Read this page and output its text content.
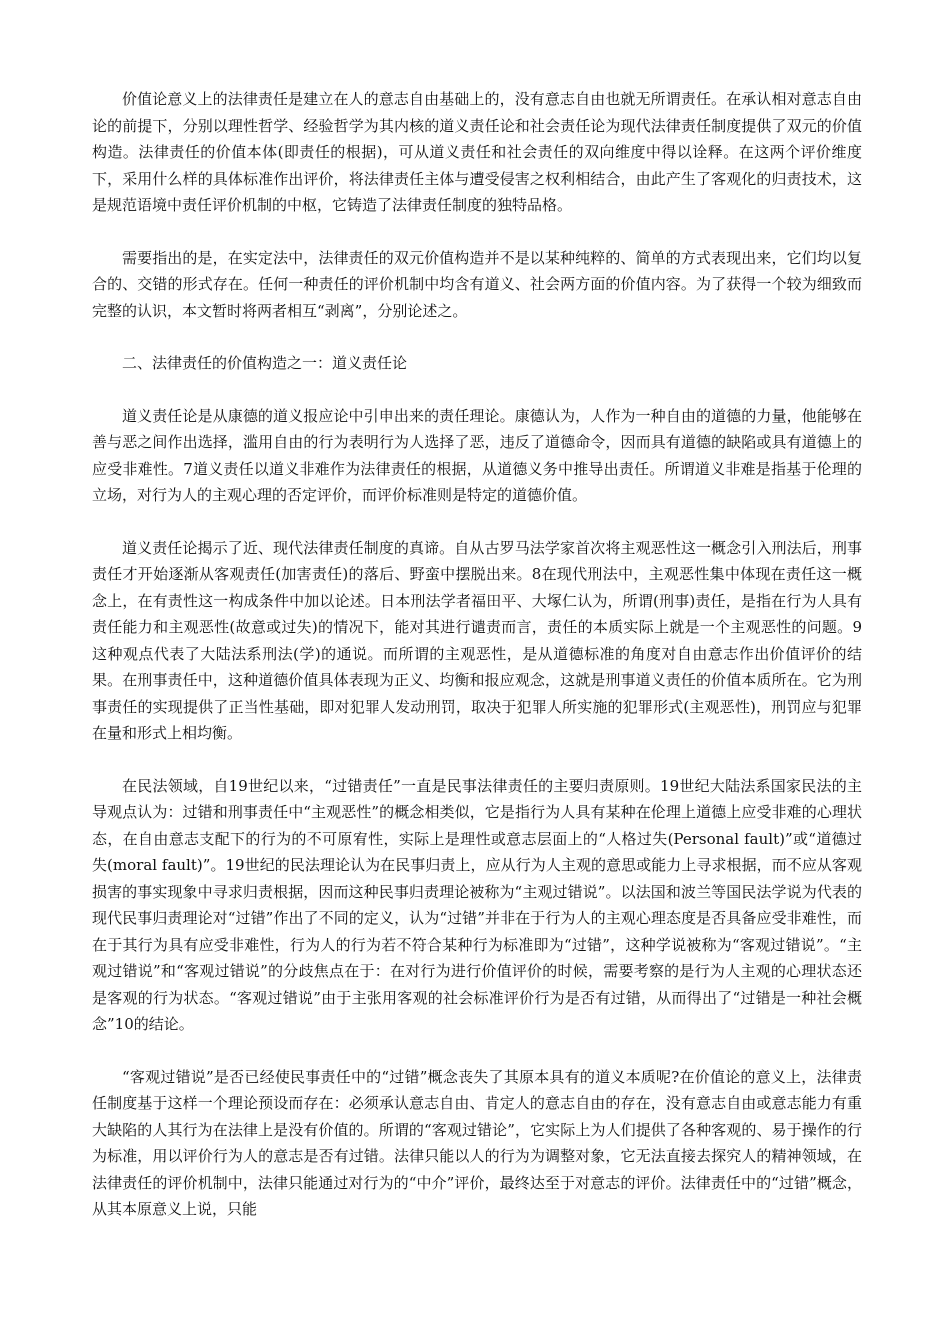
价值论意义上的法律责任是建立在人的意志自由基础上的，没有意志自由也就无所谓责任。在承认相对意志自由论的前提下，分别以理性哲学、经验哲学为其内核的道义责任论和社会责任论为现代法律责任制度提供了双元的价值构造。法律责任的价值本体(即责任的根据)，可从道义责任和社会责任的双向维度中得以诠释。在这两个评价维度下，采用什么样的具体标准作出评价，将法律责任主体与遭受侵害之权利相结合，由此产生了客观化的归责技术，这是规范语境中责任评价机制的中枢，它铸造了法律责任制度的独特品格。

需要指出的是，在实定法中，法律责任的双元价值构造并不是以某种纯粹的、简单的方式表现出来，它们均以复合的、交错的形式存在。任何一种责任的评价机制中均含有道义、社会两方面的价值内容。为了获得一个较为细致而完整的认识，本文暂时将两者相互“剥离”，分别论述之。

二、法律责任的价值构造之一：道义责任论

道义责任论是从康德的道义报应论中引申出来的责任理论。康德认为，人作为一种自由的道德的力量，他能够在善与恶之间作出选择，滥用自由的行为表明行为人选择了恶，违反了道德命令，因而具有道德的缺陷或具有道德上的应受非难性。7道义责任以道义非难作为法律责任的根据，从道德义务中推导出责任。所谓道义非难是指基于伦理的立场，对行为人的主观心理的否定评价，而评价标准则是特定的道德价值。

道义责任论揭示了近、现代法律责任制度的真谛。自从古罗马法学家首次将主观恶性这一概念引入刑法后，刑事责任才开始逐渐从客观责任(加害责任)的落后、野蛮中摆脱出来。8在现代刑法中，主观恶性集中体现在责任这一概念上，在有责性这一构成条件中加以论述。日本刑法学者福田平、大塚仁认为，所谓(刑事)责任，是指在行为人具有责任能力和主观恶性(故意或过失)的情况下，能对其进行谴责而言，责任的本质实际上就是一个主观恶性的问题。9这种观点代表了大陆法系刑法(学)的通说。而所谓的主观恶性，是从道德标准的角度对自由意志作出价值评价的结果。在刑事责任中，这种道德价值具体表现为正义、均衡和报应观念，这就是刑事道义责任的价值本质所在。它为刑事责任的实现提供了正当性基础，即对犯罪人发动刑罚，取决于犯罪人所实施的犯罪形式(主观恶性)，刑罚应与犯罪在量和形式上相均衡。

在民法领域，自19世纪以来，“过错责任”一直是民事法律责任的主要归责原则。19世纪大陆法系国家民法的主导观点认为：过错和刑事责任中“主观恶性”的概念相类似，它是指行为人具有某种在伦理上道德上应受非难的心理状态，在自由意志支配下的行为的不可原宥性，实际上是理性或意志层面上的“人格过失(Personal fault)”或“道德过失(moral fault)”。19世纪的民法理论认为在民事归责上，应从行为人主观的意思或能力上寻求根据，而不应从客观损害的事实现象中寻求归责根据，因而这种民事归责理论被称为“主观过错说”。以法国和波兰等国民法学说为代表的现代民事归责理论对“过错”作出了不同的定义，认为“过错”并非在于行为人的主观心理态度是否具备应受非难性，而在于其行为具有应受非难性，行为人的行为若不符合某种行为标准即为“过错”，这种学说被称为“客观过错说”。“主观过错说”和“客观过错说”的分歧焦点在于：在对行为进行价值评价的时候，需要考察的是行为人主观的心理状态还是客观的行为状态。“客观过错说”由于主张用客观的社会标准评价行为是否有过错，从而得出了“过错是一种社会概念”10的结论。

“客观过错说”是否已经使民事责任中的“过错”概念丧失了其原本具有的道义本质呢?在价值论的意义上，法律责任制度基于这样一个理论预设而存在：必须承认意志自由、肯定人的意志自由的存在，没有意志自由或意志能力有重大缺陷的人其行为在法律上是没有价值的。所谓的“客观过错论”，它实际上为人们提供了各种客观的、易于操作的行为标准，用以评价行为人的意志是否有过错。法律只能以人的行为为调整对象，它无法直接去探究人的精神领域，在法律责任的评价机制中，法律只能通过对行为的“中介”评价，最终达至于对意志的评价。法律责任中的“过错”概念，从其本原意义上说，只能
